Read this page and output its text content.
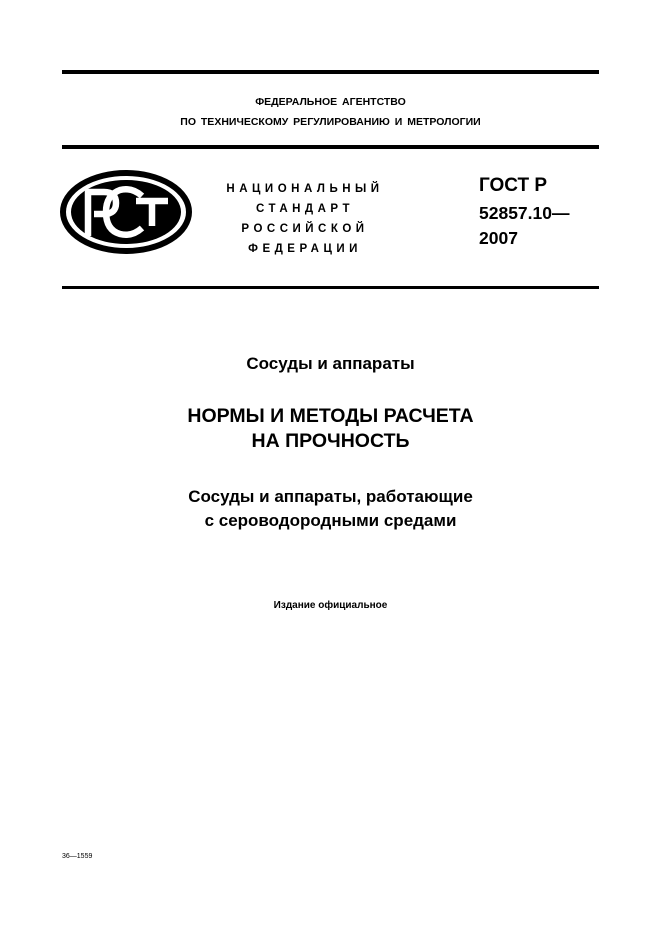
ФЕДЕРАЛЬНОЕ АГЕНТСТВО
ПО ТЕХНИЧЕСКОМУ РЕГУЛИРОВАНИЮ И МЕТРОЛОГИИ
НАЦИОНАЛЬНЫЙ
СТАНДАРТ
РОССИЙСКОЙ
ФЕДЕРАЦИИ
ГОСТ Р
52857.10—
2007
Сосуды и аппараты
НОРМЫ И МЕТОДЫ РАСЧЕТА
НА ПРОЧНОСТЬ
Сосуды и аппараты, работающие
с сероводородными средами
Издание официальное
36—1559
